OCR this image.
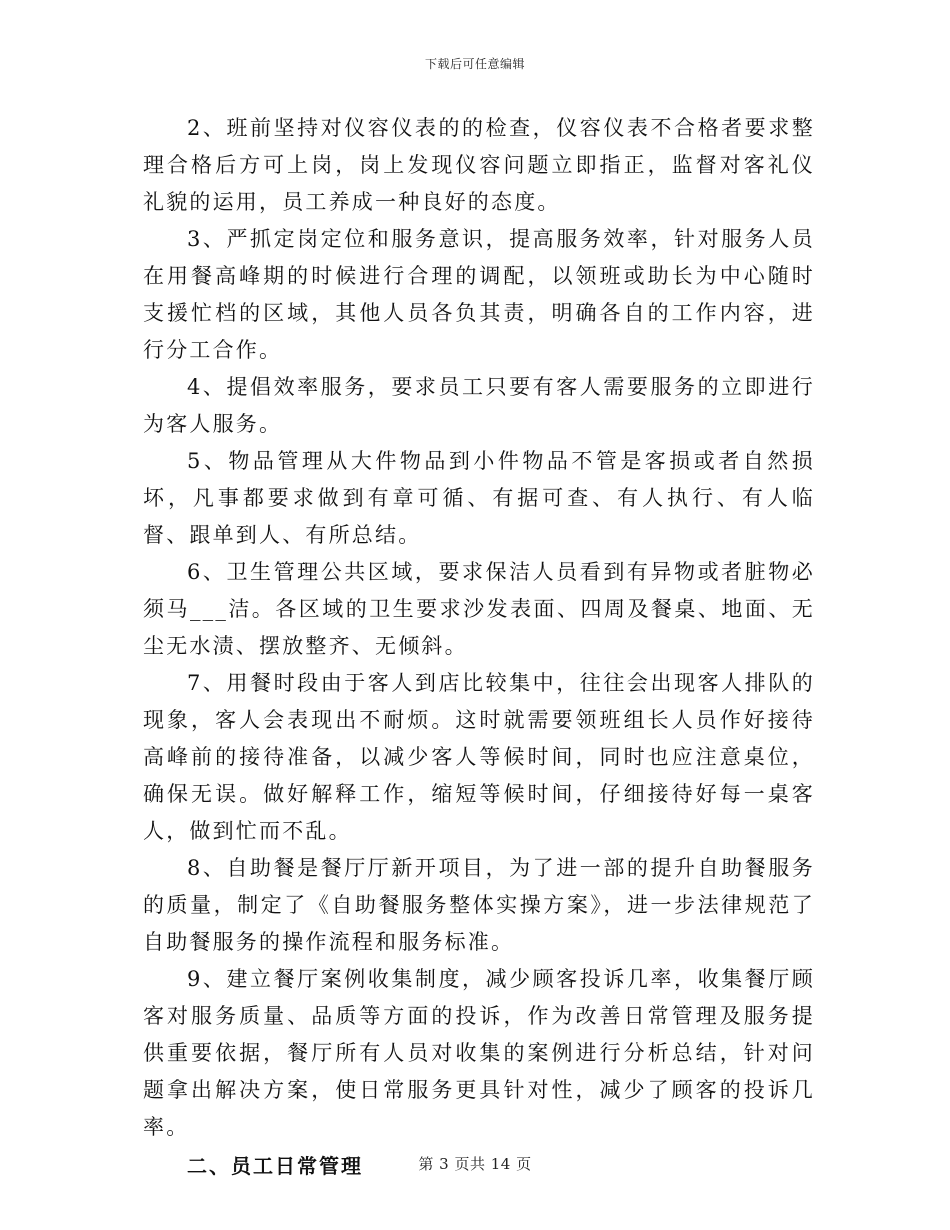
下载后可任意编辑

2、班前坚持对仪容仪表的的检查，仪容仪表不合格者要求整理合格后方可上岗，岗上发现仪容问题立即指正，监督对客礼仪礼貌的运用，员工养成一种良好的态度。

3、严抓定岗定位和服务意识，提高服务效率，针对服务人员在用餐高峰期的时候进行合理的调配，以领班或助长为中心随时支援忙档的区域，其他人员各负其责，明确各自的工作内容，进行分工合作。

4、提倡效率服务，要求员工只要有客人需要服务的立即进行为客人服务。

5、物品管理从大件物品到小件物品不管是客损或者自然损坏，凡事都要求做到有章可循、有据可查、有人执行、有人临督、跟单到人、有所总结。

6、卫生管理公共区域，要求保洁人员看到有异物或者脏物必须马___洁。各区域的卫生要求沙发表面、四周及餐桌、地面、无尘无水渍、摆放整齐、无倾斜。

7、用餐时段由于客人到店比较集中，往往会出现客人排队的现象，客人会表现出不耐烦。这时就需要领班组长人员作好接待高峰前的接待准备，以减少客人等候时间，同时也应注意桌位，确保无误。做好解释工作，缩短等候时间，仔细接待好每一桌客人，做到忙而不乱。

8、自助餐是餐厅厅新开项目，为了进一部的提升自助餐服务的质量，制定了《自助餐服务整体实操方案》，进一步法律规范了自助餐服务的操作流程和服务标准。

9、建立餐厅案例收集制度，减少顾客投诉几率，收集餐厅顾客对服务质量、品质等方面的投诉，作为改善日常管理及服务提供重要依据，餐厅所有人员对收集的案例进行分析总结，针对问题拿出解决方案，使日常服务更具针对性，减少了顾客的投诉几率。

二、员工日常管理	第 3 页共 14 页
